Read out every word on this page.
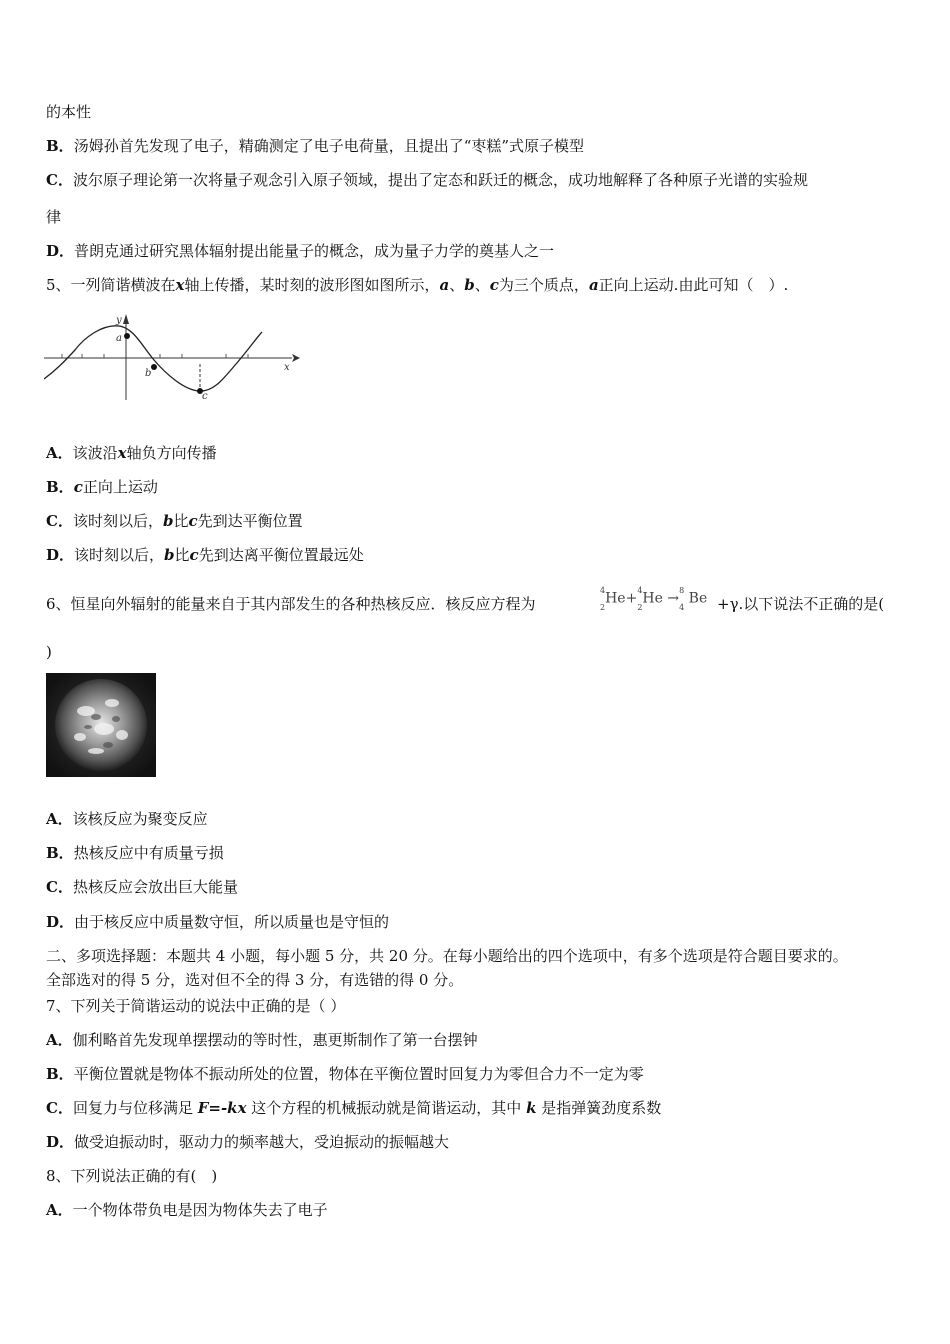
的本性
B．汤姆孙首先发现了电子，精确测定了电子电荷量，且提出了“枣糕”式原子模型
C．波尔原子理论第一次将量子观念引入原子领域，提出了定态和跃迁的概念，成功地解释了各种原子光谱的实验规
律
D．普朗克通过研究黑体辐射提出能量子的概念，成为量子力学的奠基人之一
5、一列简谐横波在x轴上传播，某时刻的波形图如图所示，a、b、c为三个质点，a正向上运动.由此可知（　）.
y
x
a
b
c
A．该波沿x轴负方向传播
B．c正向上运动
C．该时刻以后，b比c先到达平衡位置
D．该时刻以后，b比c先到达离平衡位置最远处
6、恒星向外辐射的能量来自于其内部发生的各种热核反应．核反应方程为
$^4$
$_2$He+$^4$
$_2$He →$^8$
$_4$ Be +γ.以下说法不正确的是(
)
A．该核反应为聚变反应
B．热核反应中有质量亏损
C．热核反应会放出巨大能量
D．由于核反应中质量数守恒，所以质量也是守恒的
二、多项选择题：本题共 4 小题，每小题 5 分，共 20 分。在每小题给出的四个选项中，有多个选项是符合题目要求的。
全部选对的得 5 分，选对但不全的得 3 分，有选错的得 0 分。
7、下列关于简谐运动的说法中正确的是（ ）
A．伽利略首先发现单摆摆动的等时性，惠更斯制作了第一台摆钟
B．平衡位置就是物体不振动所处的位置，物体在平衡位置时回复力为零但合力不一定为零
C．回复力与位移满足 F=-kx 这个方程的机械振动就是简谐运动，其中 k 是指弹簧劲度系数
D．做受迫振动时，驱动力的频率越大，受迫振动的振幅越大
8、下列说法正确的有(　)
A．一个物体带负电是因为物体失去了电子
